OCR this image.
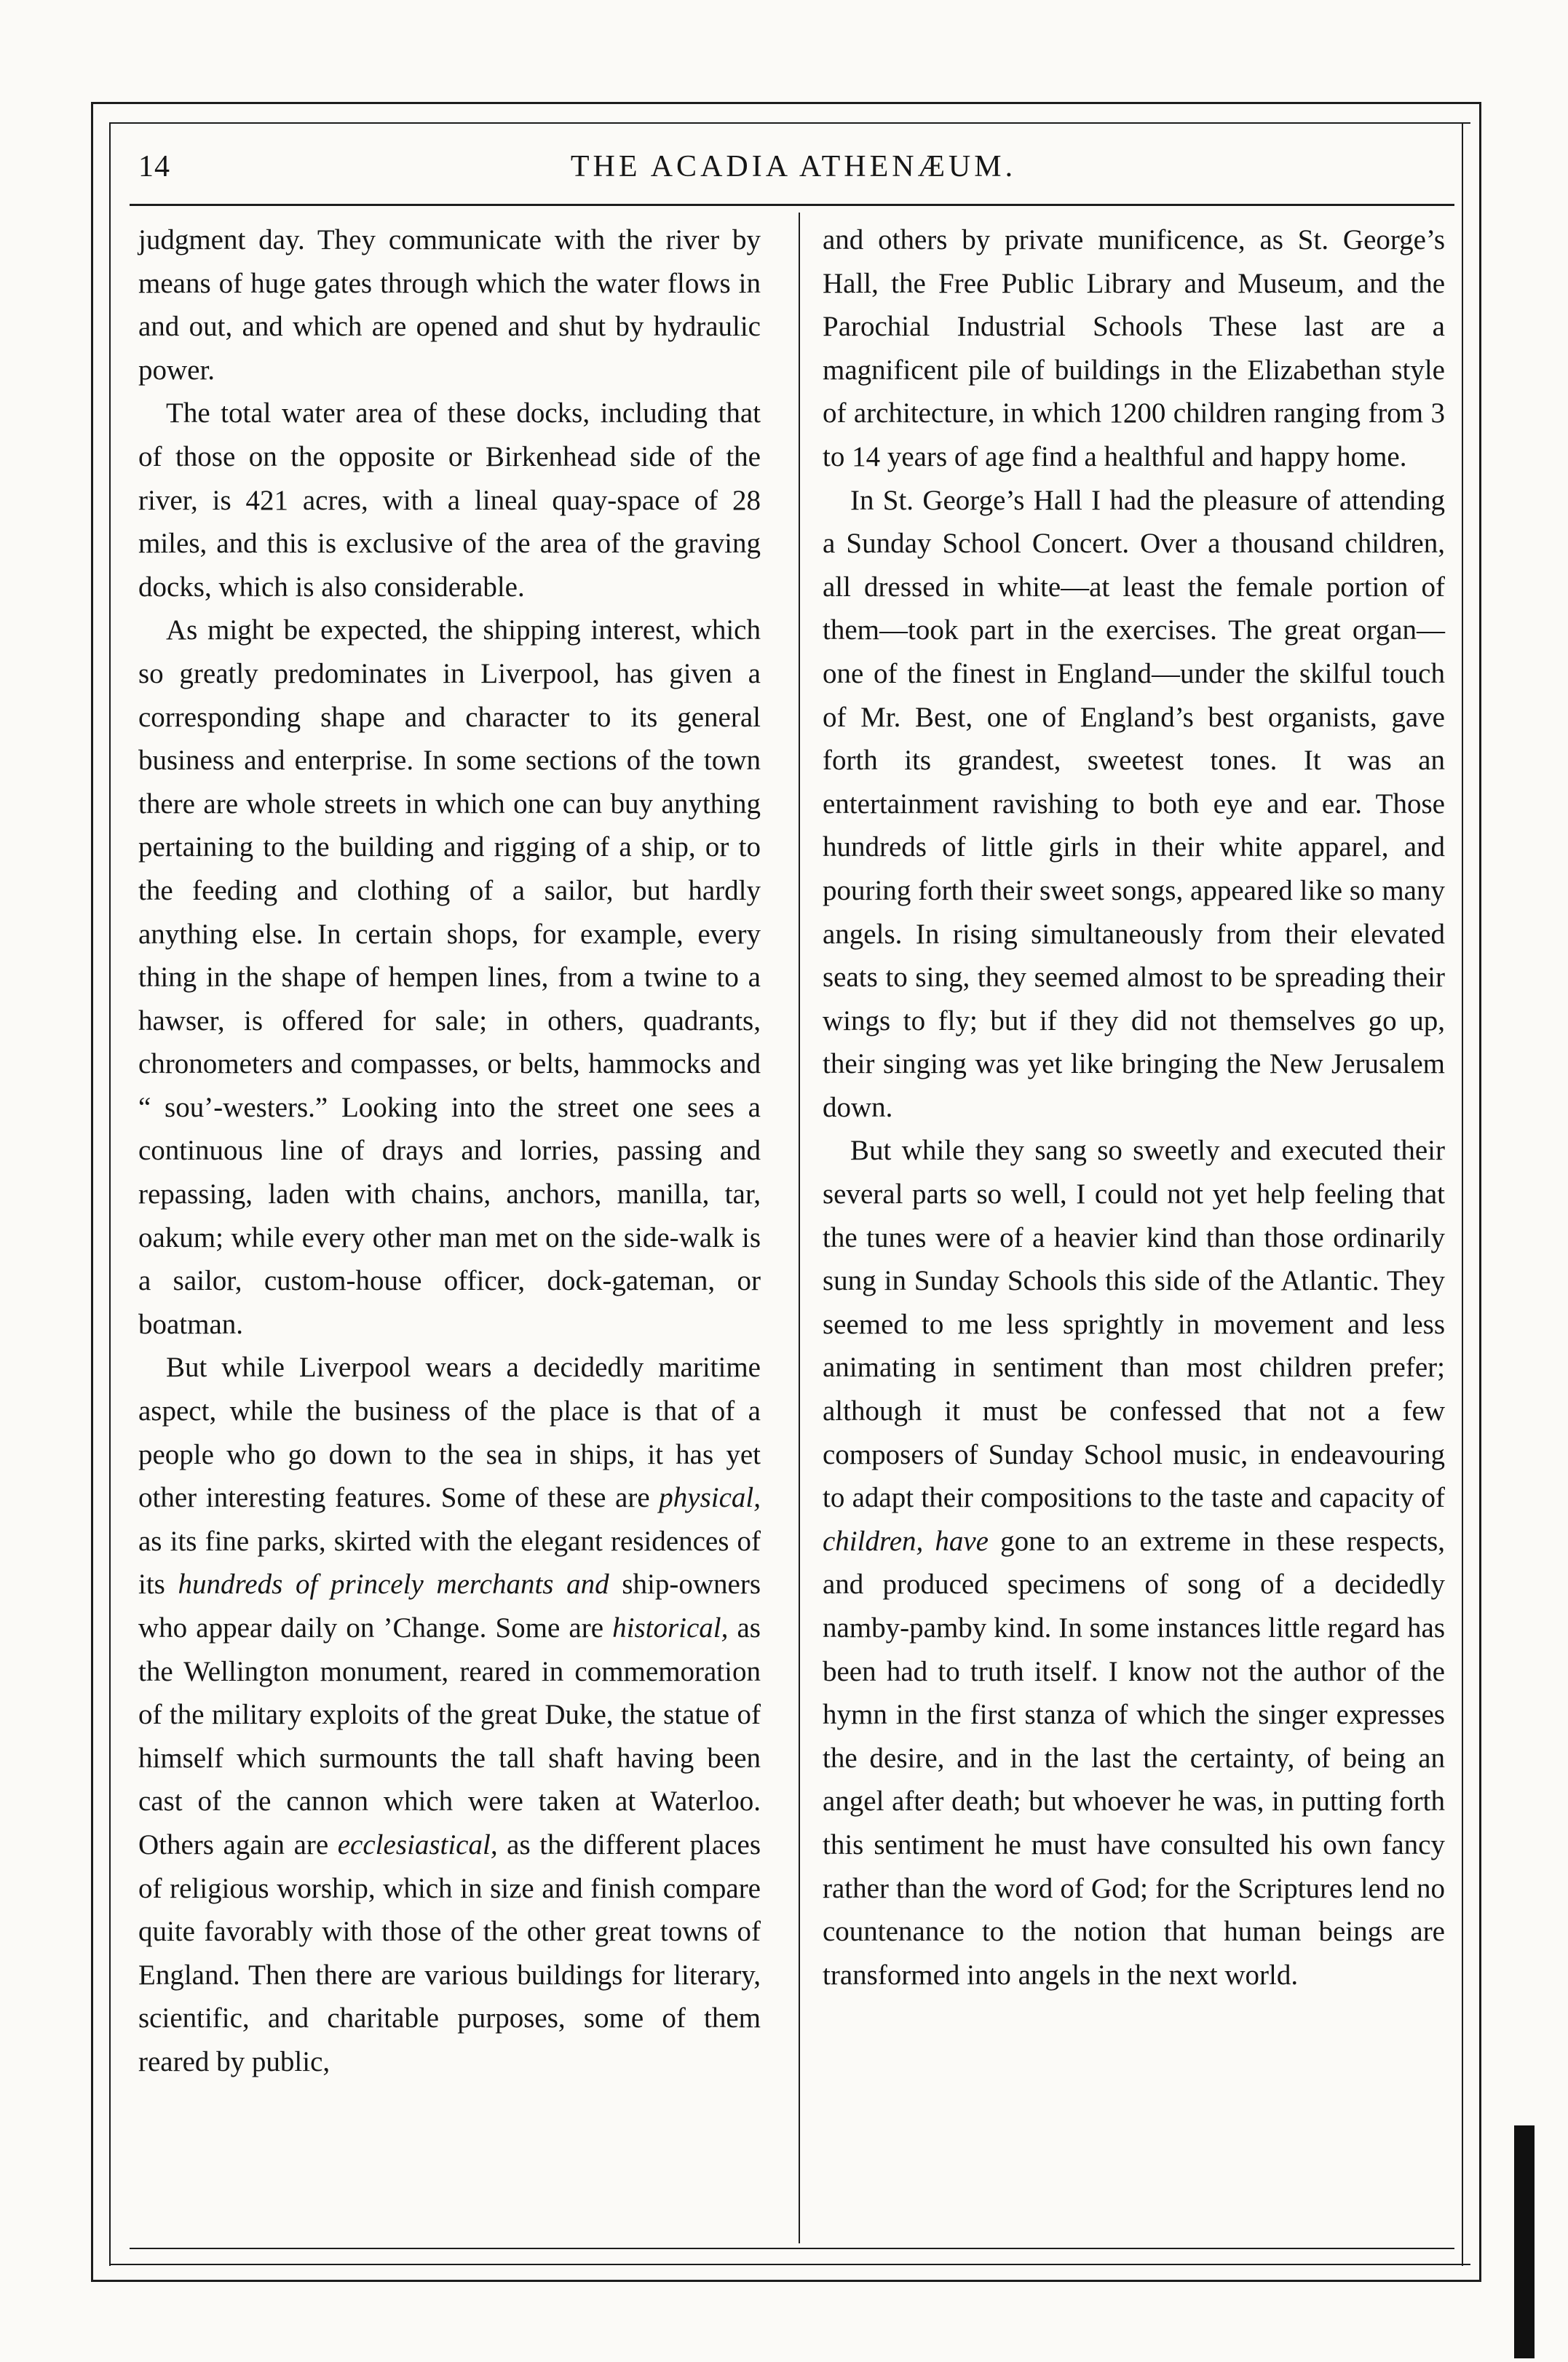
14	THE ACADIA ATHENÆUM.

judgment day. They communicate with the river by means of huge gates through which the water flows in and out, and which are opened and shut by hydraulic power.

The total water area of these docks, including that of those on the opposite or Birkenhead side of the river, is 421 acres, with a lineal quay-space of 28 miles, and this is exclusive of the area of the graving docks, which is also considerable.

As might be expected, the shipping interest, which so greatly predominates in Liverpool, has given a corresponding shape and character to its general business and enterprise. In some sections of the town there are whole streets in which one can buy anything pertaining to the building and rigging of a ship, or to the feeding and clothing of a sailor, but hardly anything else. In certain shops, for example, every thing in the shape of hempen lines, from a twine to a hawser, is offered for sale; in others, quadrants, chronometers and compasses, or belts, hammocks and “ sou’-westers.” Looking into the street one sees a continuous line of drays and lorries, passing and repassing, laden with chains, anchors, manilla, tar, oakum; while every other man met on the side-walk is a sailor, custom-house officer, dock-gateman, or boatman.

But while Liverpool wears a decidedly maritime aspect, while the business of the place is that of a people who go down to the sea in ships, it has yet other interesting features. Some of these are physical, as its fine parks, skirted with the elegant residences of its hundreds of princely merchants and ship-owners who appear daily on ’Change. Some are historical, as the Wellington monument, reared in commemoration of the military exploits of the great Duke, the statue of himself which surmounts the tall shaft having been cast of the cannon which were taken at Waterloo. Others again are ecclesiastical, as the different places of religious worship, which in size and finish compare quite favorably with those of the other great towns of England. Then there are various buildings for literary, scientific, and charitable purposes, some of them reared by public,

and others by private munificence, as St. George’s Hall, the Free Public Library and Museum, and the Parochial Industrial Schools These last are a magnificent pile of buildings in the Elizabethan style of architecture, in which 1200 children ranging from 3 to 14 years of age find a healthful and happy home.

In St. George’s Hall I had the pleasure of attending a Sunday School Concert. Over a thousand children, all dressed in white—at least the female portion of them—took part in the exercises. The great organ—one of the finest in England—under the skilful touch of Mr. Best, one of England’s best organists, gave forth its grandest, sweetest tones. It was an entertainment ravishing to both eye and ear. Those hundreds of little girls in their white apparel, and pouring forth their sweet songs, appeared like so many angels. In rising simultaneously from their elevated seats to sing, they seemed almost to be spreading their wings to fly; but if they did not themselves go up, their singing was yet like bringing the New Jerusalem down.

But while they sang so sweetly and executed their several parts so well, I could not yet help feeling that the tunes were of a heavier kind than those ordinarily sung in Sunday Schools this side of the Atlantic. They seemed to me less sprightly in movement and less animating in sentiment than most children prefer; although it must be confessed that not a few composers of Sunday School music, in endeavouring to adapt their compositions to the taste and capacity of children, have gone to an extreme in these respects, and produced specimens of song of a decidedly namby-pamby kind. In some instances little regard has been had to truth itself. I know not the author of the hymn in the first stanza of which the singer expresses the desire, and in the last the certainty, of being an angel after death; but whoever he was, in putting forth this sentiment he must have consulted his own fancy rather than the word of God; for the Scriptures lend no countenance to the notion that human beings are transformed into angels in the next world.
